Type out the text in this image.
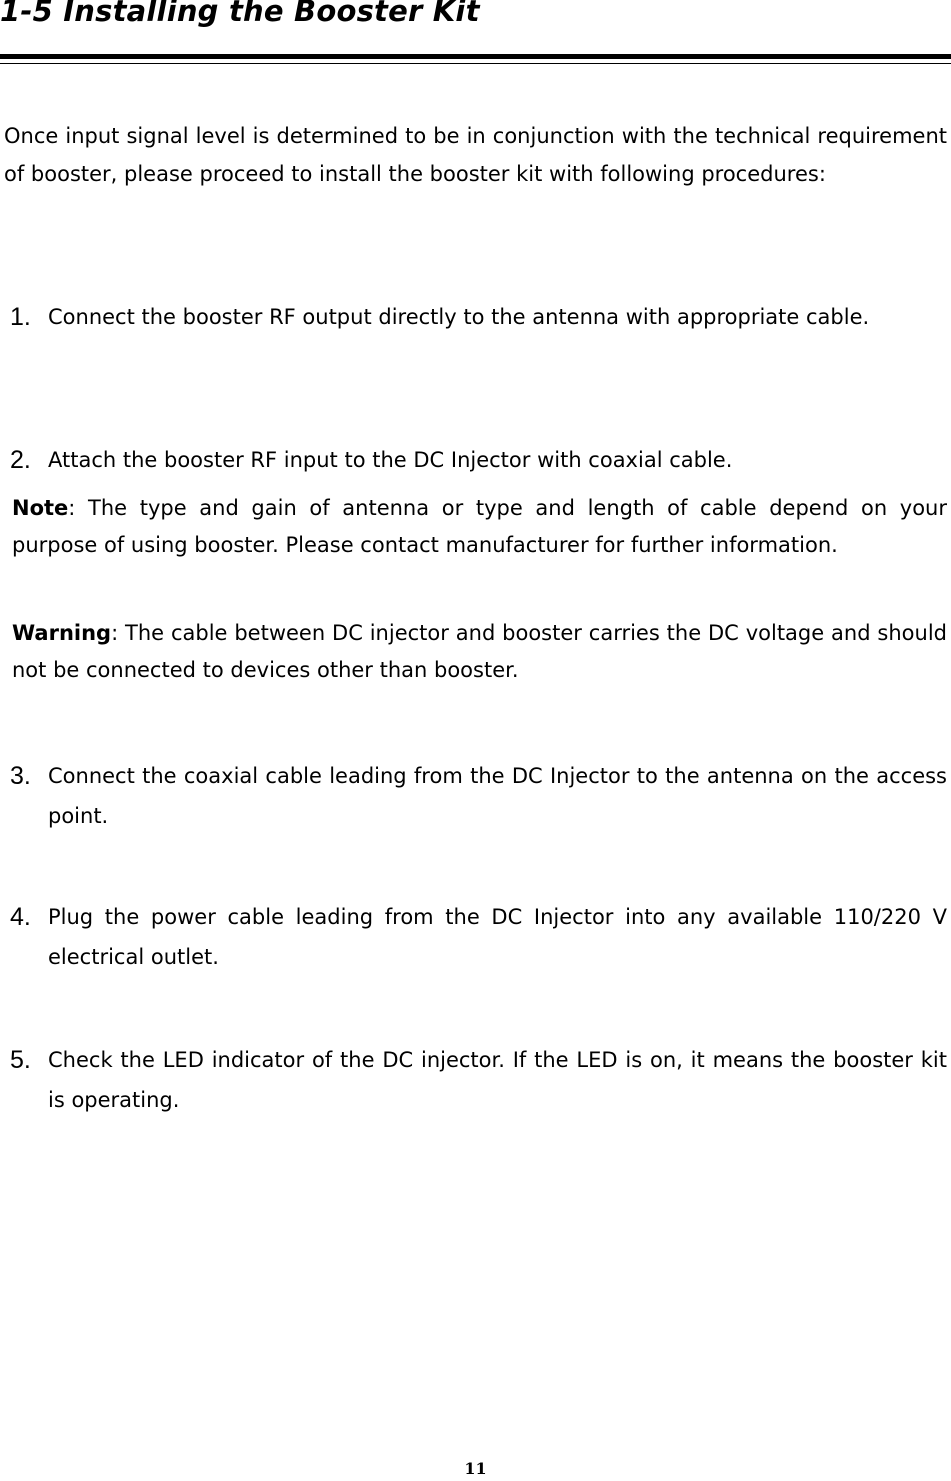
1-5 Installing the Booster Kit

Once input signal level is determined to be in conjunction with the technical requirement of booster, please proceed to install the booster kit with following procedures:

1. Connect the booster RF output directly to the antenna with appropriate cable.

2. Attach the booster RF input to the DC Injector with coaxial cable.

Note: The type and gain of antenna or type and length of cable depend on your purpose of using booster. Please contact manufacturer for further information.

Warning: The cable between DC injector and booster carries the DC voltage and should not be connected to devices other than booster.

3. Connect the coaxial cable leading from the DC Injector to the antenna on the access point.

4. Plug the power cable leading from the DC Injector into any available 110/220 V electrical outlet.

5. Check the LED indicator of the DC injector. If the LED is on, it means the booster kit is operating.

11
